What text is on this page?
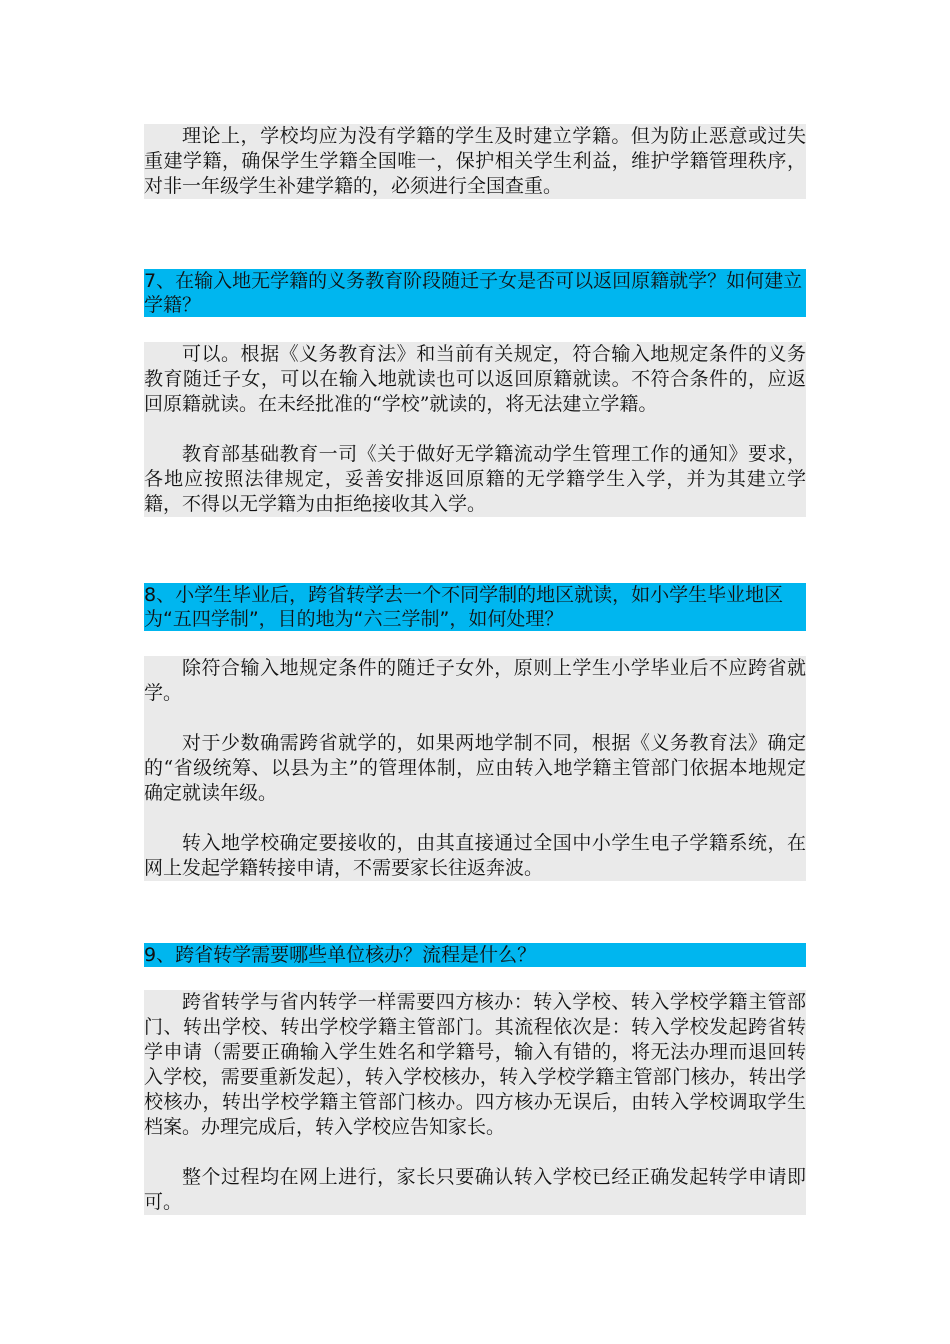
理论上，学校均应为没有学籍的学生及时建立学籍。但为防止恶意或过失重建学籍，确保学生学籍全国唯一，保护相关学生利益，维护学籍管理秩序，对非一年级学生补建学籍的，必须进行全国查重。

7、在输入地无学籍的义务教育阶段随迁子女是否可以返回原籍就学？如何建立学籍？

可以。根据《义务教育法》和当前有关规定，符合输入地规定条件的义务教育随迁子女，可以在输入地就读也可以返回原籍就读。不符合条件的，应返回原籍就读。在未经批准的“学校”就读的，将无法建立学籍。

教育部基础教育一司《关于做好无学籍流动学生管理工作的通知》要求，各地应按照法律规定，妥善安排返回原籍的无学籍学生入学，并为其建立学籍，不得以无学籍为由拒绝接收其入学。

8、小学生毕业后，跨省转学去一个不同学制的地区就读，如小学生毕业地区为“五四学制”，目的地为“六三学制”，如何处理？

除符合输入地规定条件的随迁子女外，原则上学生小学毕业后不应跨省就学。

对于少数确需跨省就学的，如果两地学制不同，根据《义务教育法》确定的“省级统筹、以县为主”的管理体制，应由转入地学籍主管部门依据本地规定确定就读年级。

转入地学校确定要接收的，由其直接通过全国中小学生电子学籍系统，在网上发起学籍转接申请，不需要家长往返奔波。

9、跨省转学需要哪些单位核办？流程是什么？

跨省转学与省内转学一样需要四方核办：转入学校、转入学校学籍主管部门、转出学校、转出学校学籍主管部门。其流程依次是：转入学校发起跨省转学申请（需要正确输入学生姓名和学籍号，输入有错的，将无法办理而退回转入学校，需要重新发起），转入学校核办，转入学校学籍主管部门核办，转出学校核办，转出学校学籍主管部门核办。四方核办无误后，由转入学校调取学生档案。办理完成后，转入学校应告知家长。

整个过程均在网上进行，家长只要确认转入学校已经正确发起转学申请即可。
